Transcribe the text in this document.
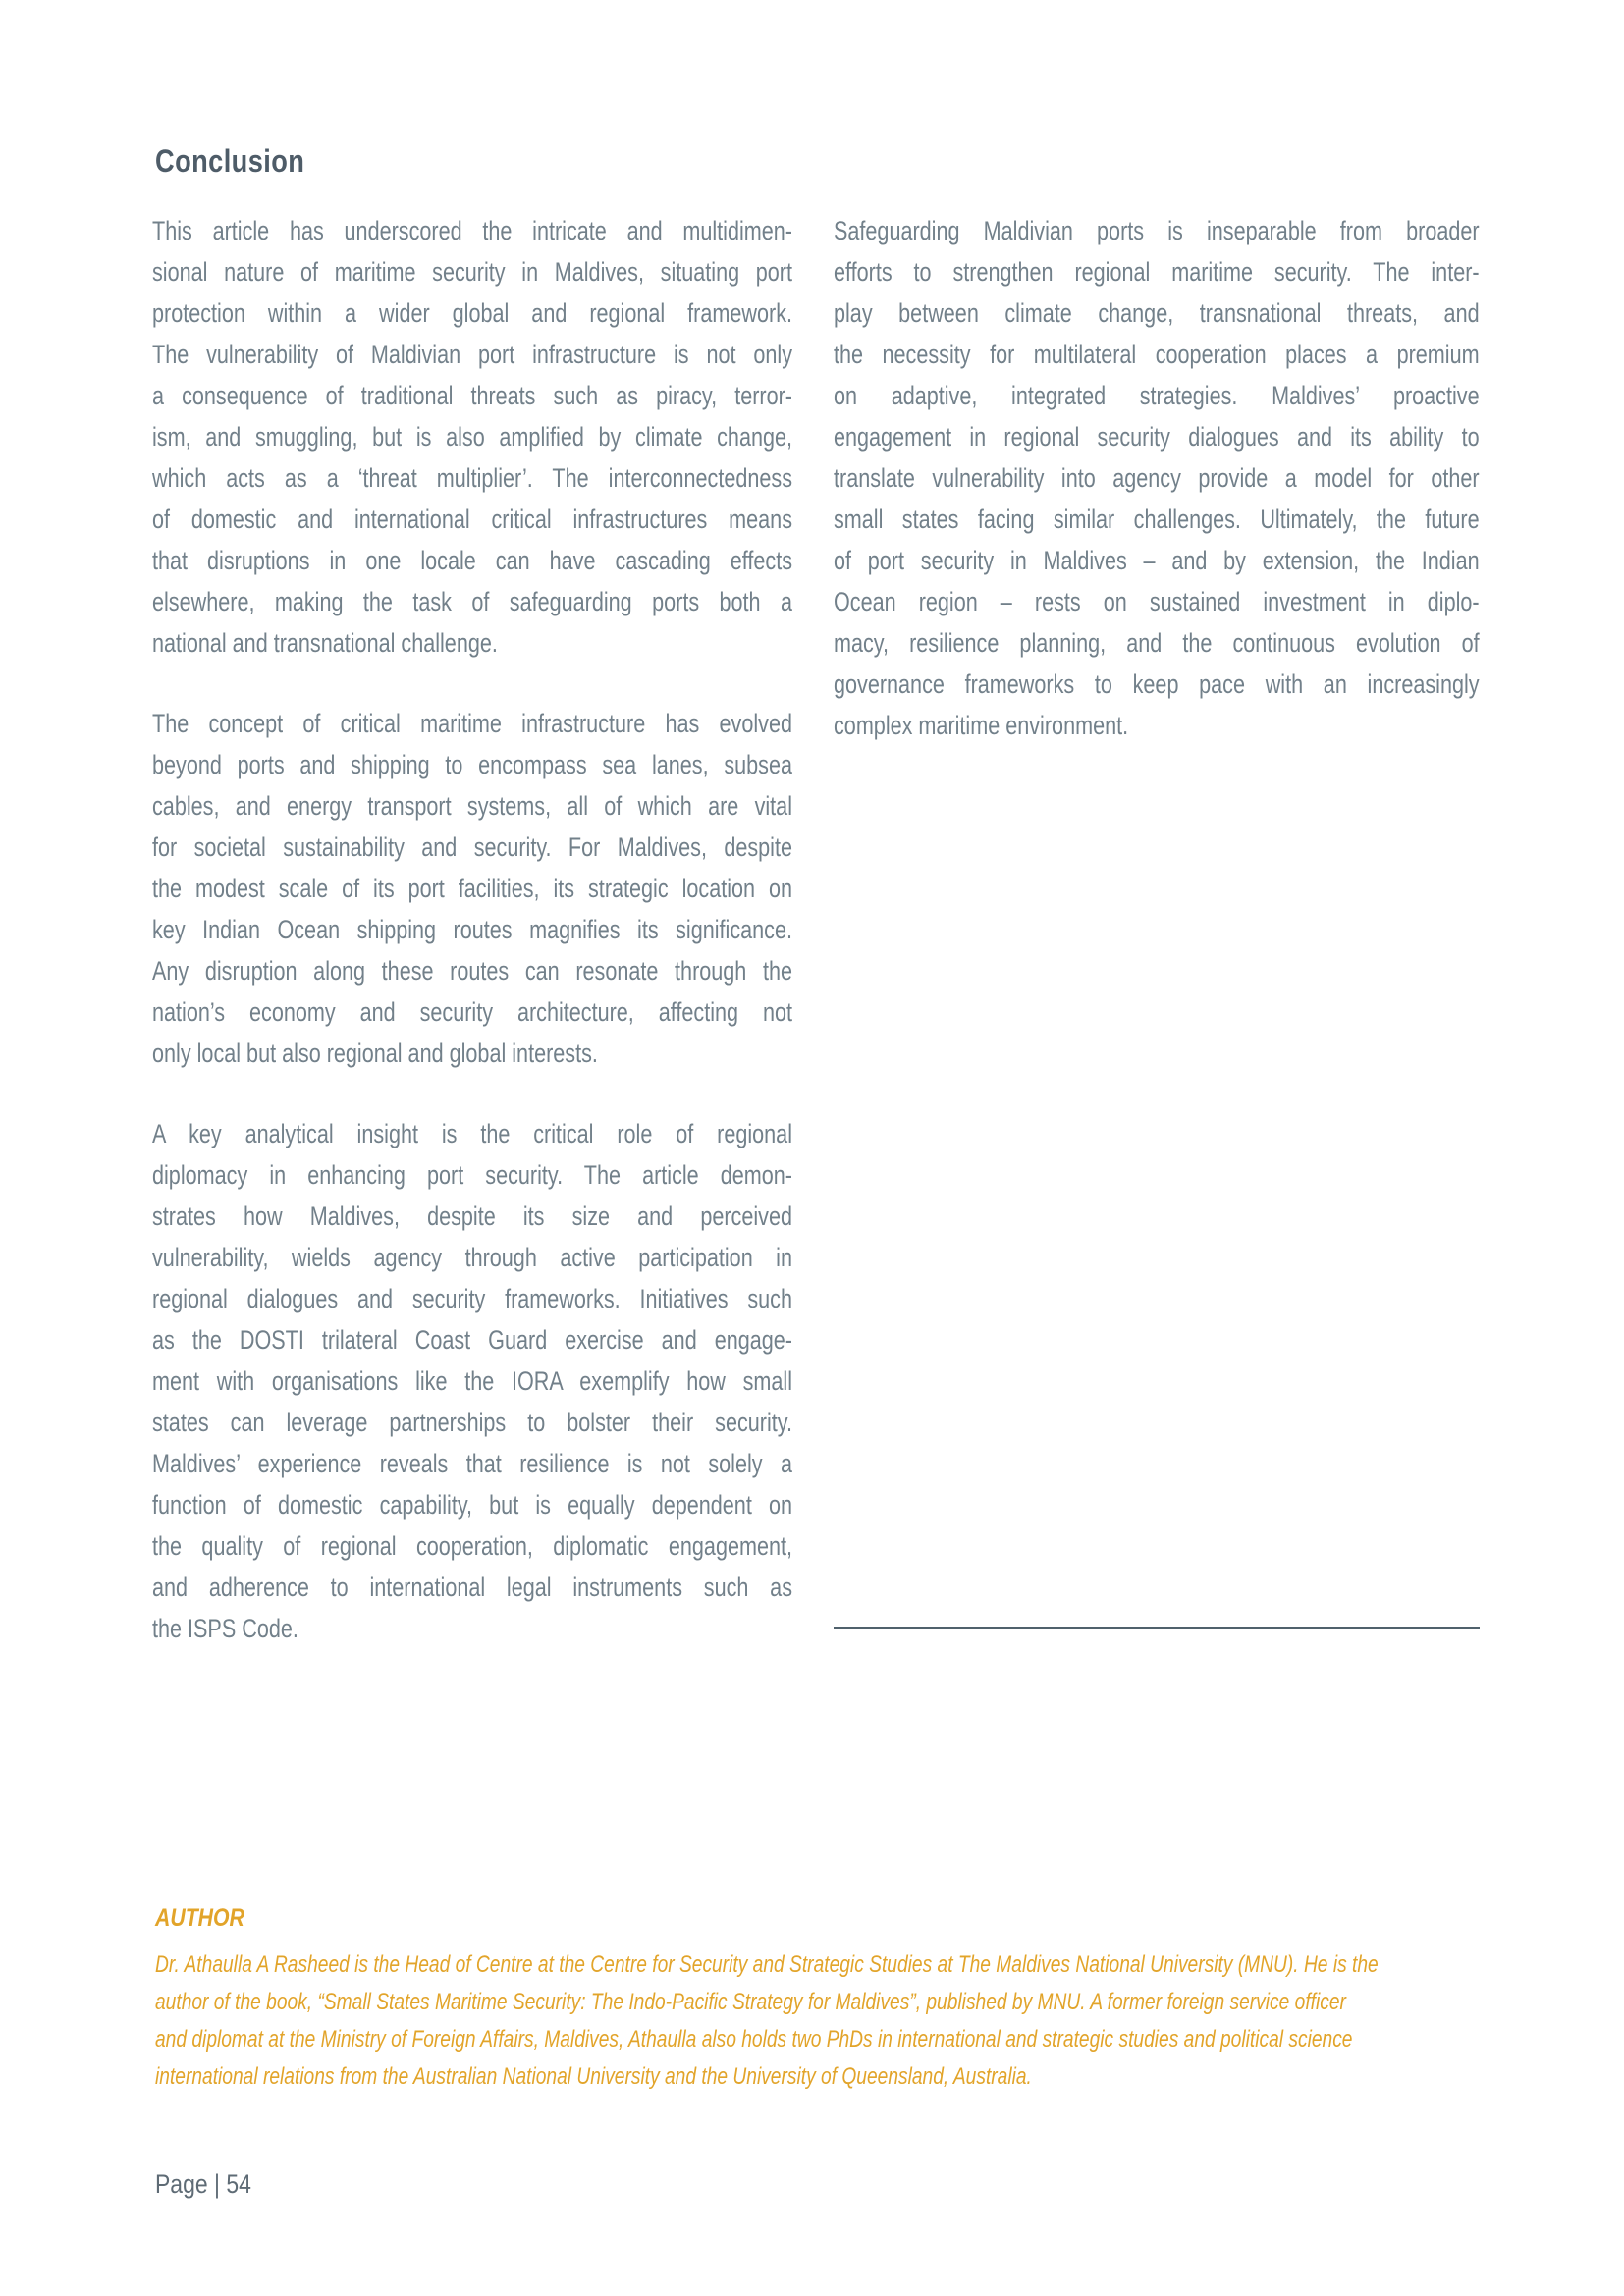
Conclusion
This article has underscored the intricate and multidimen-
sional nature of maritime security in Maldives, situating port
protection within a wider global and regional framework.
The vulnerability of Maldivian port infrastructure is not only
a consequence of traditional threats such as piracy, terror-
ism, and smuggling, but is also amplified by climate change,
which acts as a ‘threat multiplier’. The interconnectedness
of domestic and international critical infrastructures means
that disruptions in one locale can have cascading effects
elsewhere, making the task of safeguarding ports both a
national and transnational challenge.
The concept of critical maritime infrastructure has evolved
beyond ports and shipping to encompass sea lanes, subsea
cables, and energy transport systems, all of which are vital
for societal sustainability and security. For Maldives, despite
the modest scale of its port facilities, its strategic location on
key Indian Ocean shipping routes magnifies its significance.
Any disruption along these routes can resonate through the
nation’s economy and security architecture, affecting not
only local but also regional and global interests.
A key analytical insight is the critical role of regional
diplomacy in enhancing port security. The article demon-
strates how Maldives, despite its size and perceived
vulnerability, wields agency through active participation in
regional dialogues and security frameworks. Initiatives such
as the DOSTI trilateral Coast Guard exercise and engage-
ment with organisations like the IORA exemplify how small
states can leverage partnerships to bolster their security.
Maldives’ experience reveals that resilience is not solely a
function of domestic capability, but is equally dependent on
the quality of regional cooperation, diplomatic engagement,
and adherence to international legal instruments such as
the ISPS Code.
Safeguarding Maldivian ports is inseparable from broader
efforts to strengthen regional maritime security. The inter-
play between climate change, transnational threats, and
the necessity for multilateral cooperation places a premium
on adaptive, integrated strategies. Maldives’ proactive
engagement in regional security dialogues and its ability to
translate vulnerability into agency provide a model for other
small states facing similar challenges. Ultimately, the future
of port security in Maldives – and by extension, the Indian
Ocean region – rests on sustained investment in diplo-
macy, resilience planning, and the continuous evolution of
governance frameworks to keep pace with an increasingly
complex maritime environment.
AUTHOR
Dr. Athaulla A Rasheed is the Head of Centre at the Centre for Security and Strategic Studies at The Maldives National University (MNU). He is the
author of the book, “Small States Maritime Security: The Indo-Pacific Strategy for Maldives”, published by MNU. A former foreign service officer
and diplomat at the Ministry of Foreign Affairs, Maldives, Athaulla also holds two PhDs in international and strategic studies and political science
international relations from the Australian National University and the University of Queensland, Australia.
Page | 54
